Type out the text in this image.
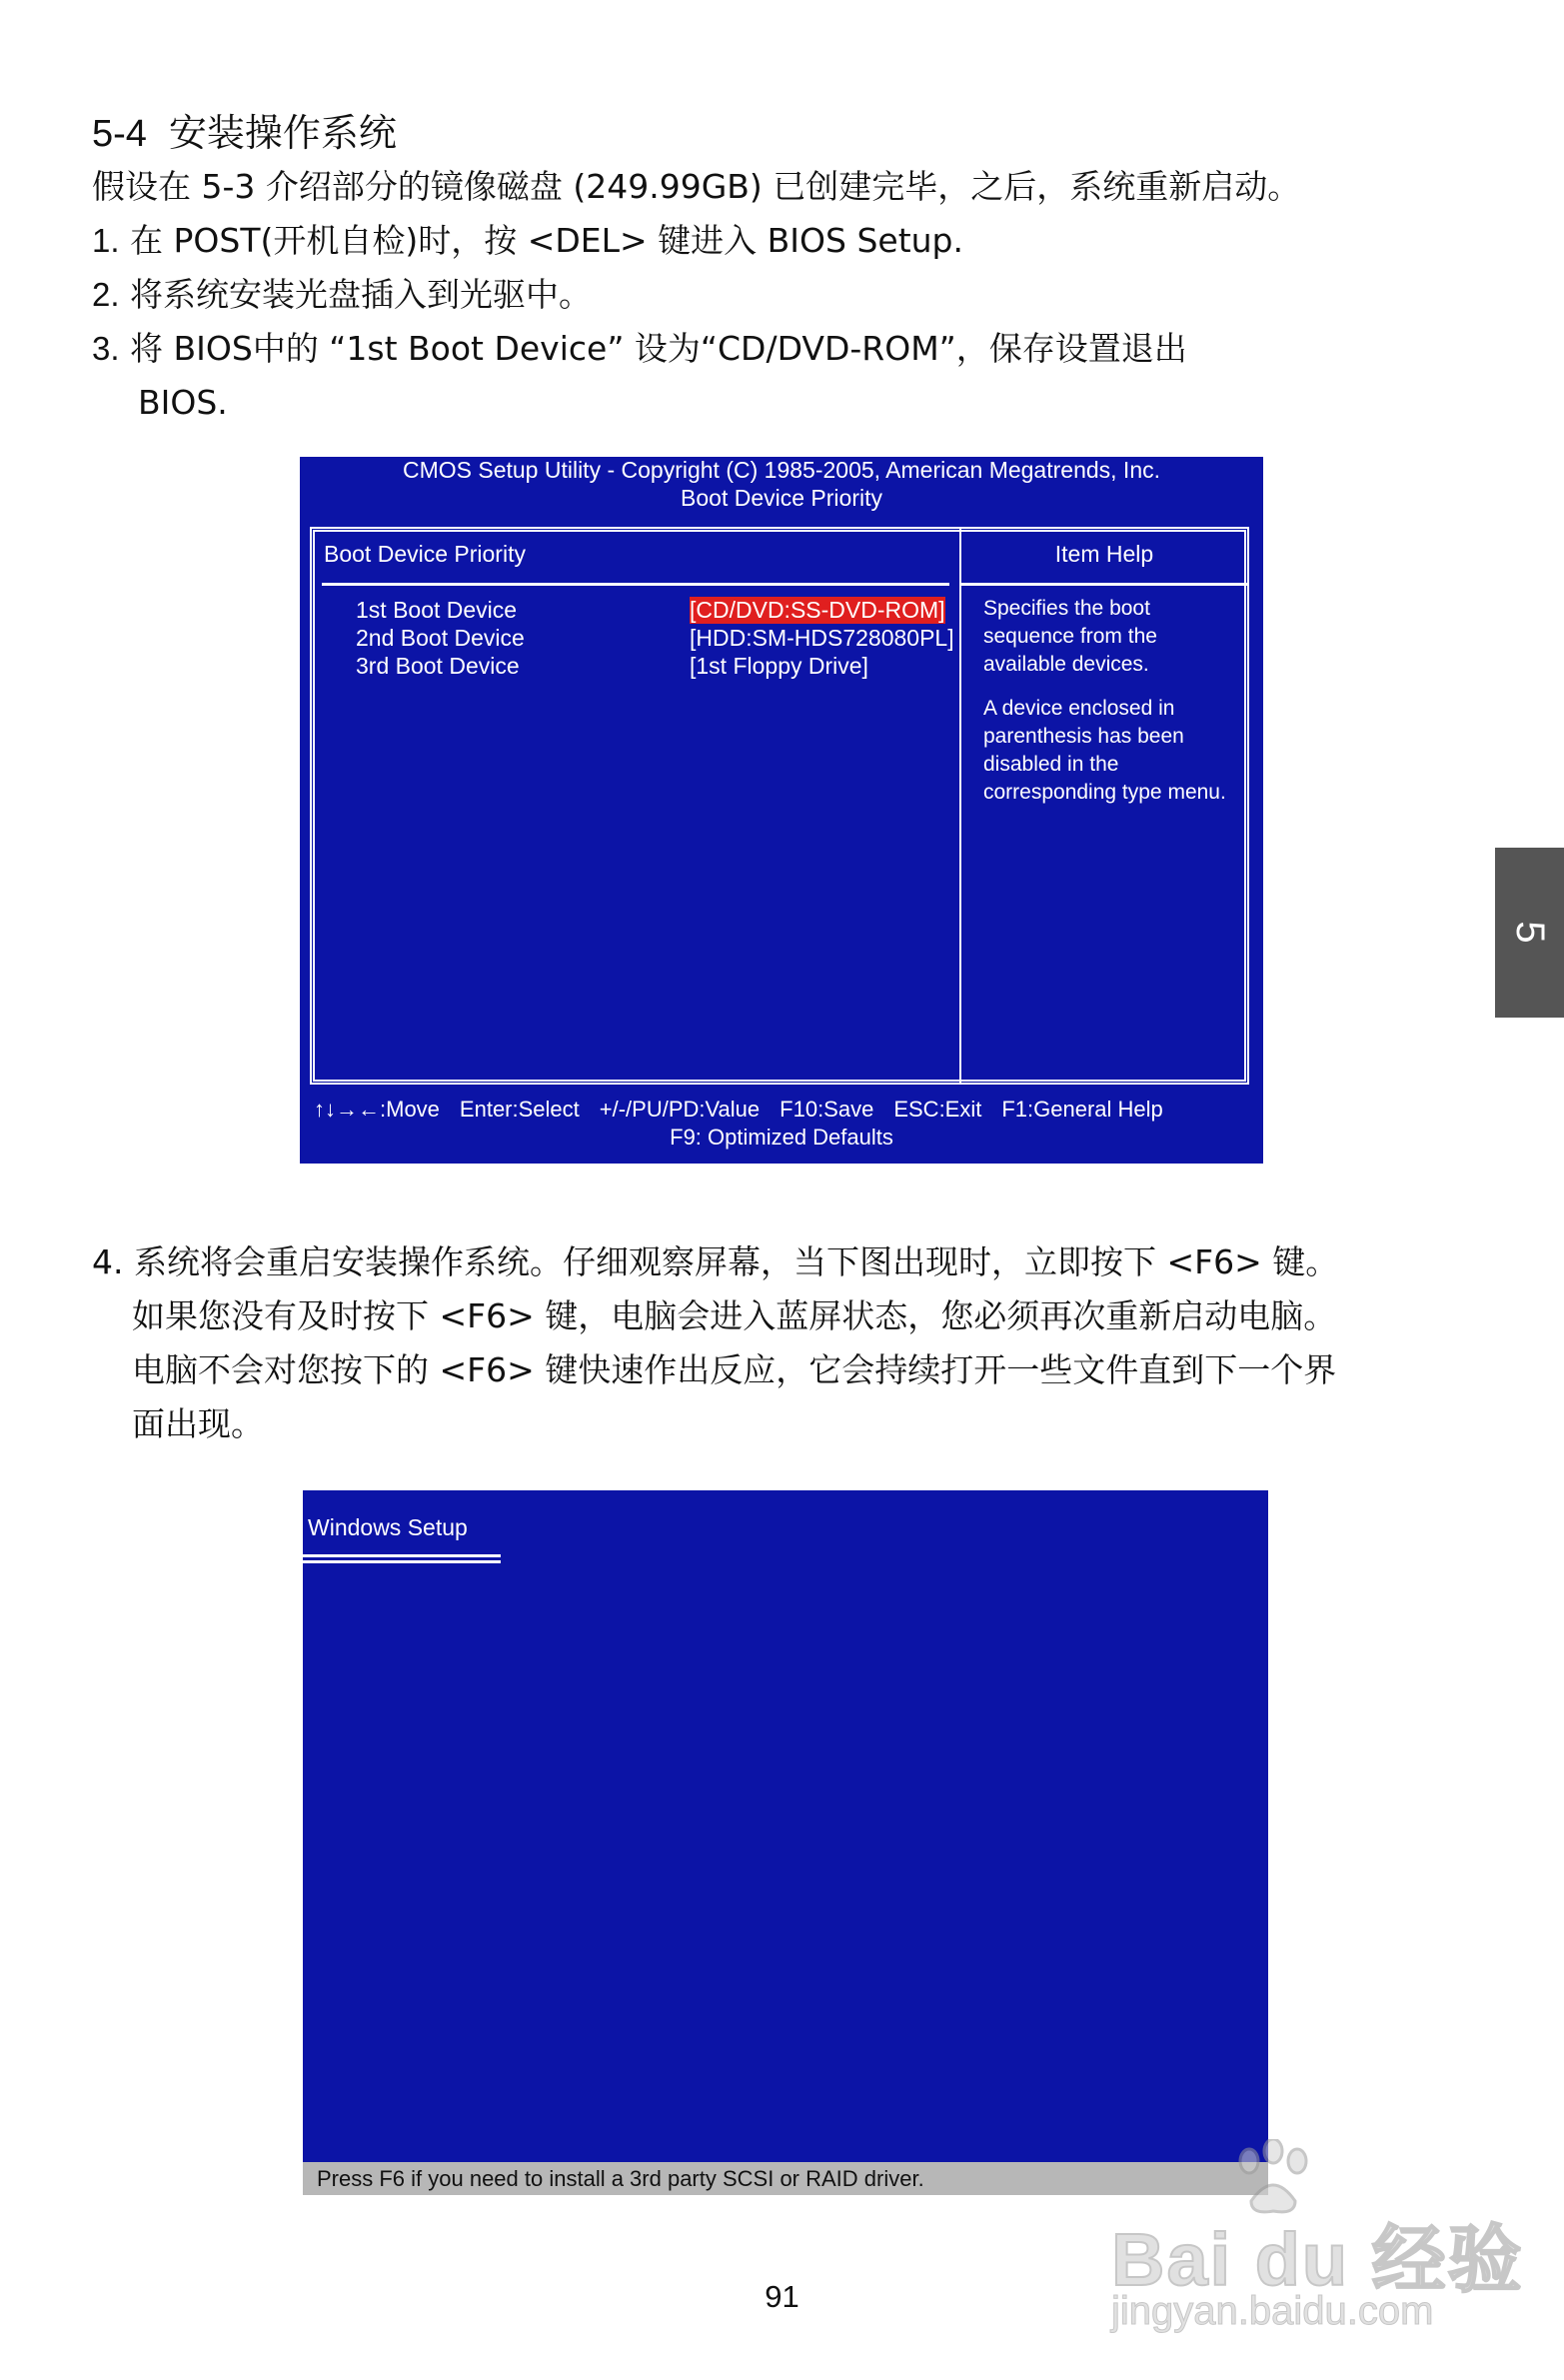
5-4 安装操作系统
假设在 5-3 介绍部分的镜像磁盘 (249.99GB) 已创建完毕，之后，系统重新启动。
1. 在 POST(开机自检)时，按 <DEL> 键进入 BIOS Setup.
2. 将系统安装光盘插入到光驱中。
3. 将 BIOS中的 “1st Boot Device” 设为“CD/DVD-ROM”，保存设置退出
BIOS.
CMOS Setup Utility - Copyright (C) 1985-2005, American Megatrends, Inc.
Boot Device Priority
Boot Device Priority	Item Help
1st Boot Device	[CD/DVD:SS-DVD-ROM]
2nd Boot Device	[HDD:SM-HDS728080PL]
3rd Boot Device	[1st Floppy Drive]

Specifies the boot sequence from the available devices.

A device enclosed in parenthesis has been disabled in the corresponding type menu.

↑↓→←:Move Enter:Select +/-/PU/PD:Value F10:Save ESC:Exit F1:General Help
F9: Optimized Defaults
4. 系统将会重启安装操作系统。仔细观察屏幕，当下图出现时，立即按下 <F6> 键。
如果您没有及时按下 <F6> 键，电脑会进入蓝屏状态，您必须再次重新启动电脑。
电脑不会对您按下的 <F6> 键快速作出反应，它会持续打开一些文件直到下一个界
面出现。
Windows Setup
Press F6 if you need to install a 3rd party SCSI or RAID driver.
5
91	Bai du 经验
jingyan.baidu.com
